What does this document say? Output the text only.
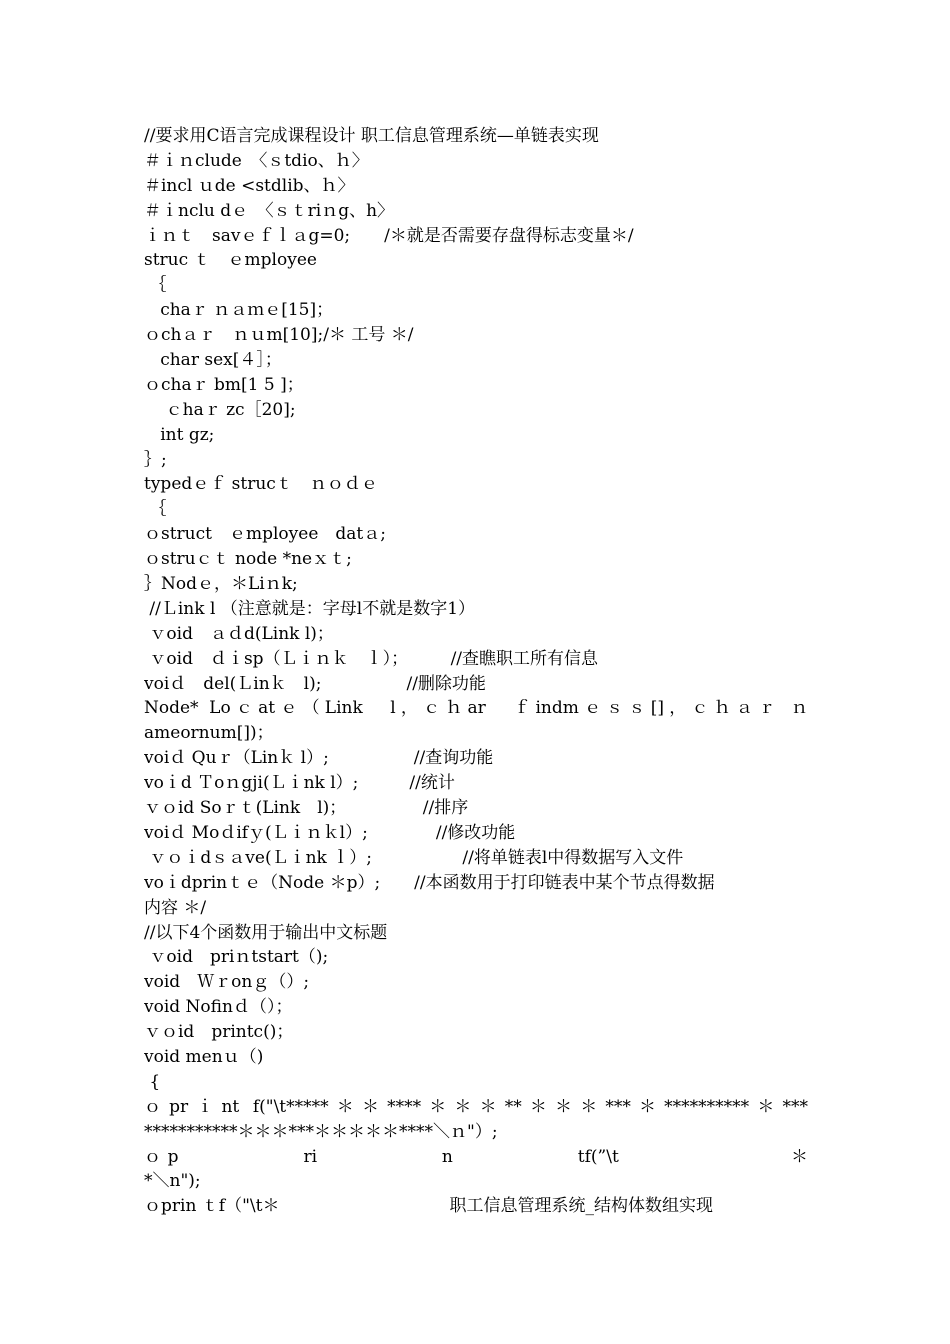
//要求用C语言完成课程设计 职工信息管理系统—单链表实现
＃ｉｎclude　〈ｓtdio、ｈ〉
＃incl ｕde <stdlib、ｈ〉
＃ｉnclu dｅ　〈ｓｔriｎg、h〉
ｉｎｔ　savｅｆｌａg=0;　　/＊就是否需要存盘得标志变量＊/
struc ｔ　ｅmployee
｛
chaｒ ｎａｍｅ[15]；
ｏchａｒ　ｎｕm[10];/＊ 工号 ＊/
char sex[４］；
ｏchaｒ bm[1 5 ]；
ｃhaｒ zc［20];
int gz;
｝;
typedｅｆ strucｔ　ｎｏｄｅ
｛
ｏstruct　ｅmployee　datａ;
ｏstruｃｔ node *neｘｔ;
｝Nodｅ，＊Liｎk;
//Ｌink l （注意就是：字母l不就是数字1）
ｖoid　ａｄd(Link l)；
ｖoid　ｄｉsp（Ｌｉｎｋ　ｌ）；　　　//查瞧职工所有信息
voiｄ　del(Ｌinｋ　l);　　　　　//删除功能
Node* Loｃatｅ（Link　l，ｃｈar　ｆindmｅｓｓ[]，ｃｈａｒ ｎ
ameornum[])；
voiｄ Quｒ（Linｋ l）;　　　　　//查询功能
voｉd Ｔoｎgji(Ｌｉnk l）;　　　//统计
ｖｏid Soｒｔ(Link　l)；　　　　　//排序
voiｄ Moｄifｙ(Ｌｉｎｋl）;　　　　//修改功能
ｖｏｉdｓａve(Ｌｉnk ｌ）;　　　　　 //将单链表l中得数据写入文件
voｉdprinｔｅ（Node ＊p）;　　//本函数用于打印链表中某个节点得数据
内容 ＊/
//以下4个函数用于输出中文标题
ｖoid　priｎtstart（);
void　Ｗｒonｇ（）;
void Nofinｄ（）；
ｖｏid　printc()；
void menｕ（)
{
ｏprｉnt f("\t*****＊＊****＊＊＊**＊＊＊***＊**********＊***
***********＊＊＊***＊＊＊＊＊****＼ｎ"）;
ｏp　　　　　ri　　　　　n　　　　　tf(”\t　　　　　　　＊
*＼n");
ｏprin ｔf（"\t＊　　　　　　　　　　职工信息管理系统_结构体数组实现
